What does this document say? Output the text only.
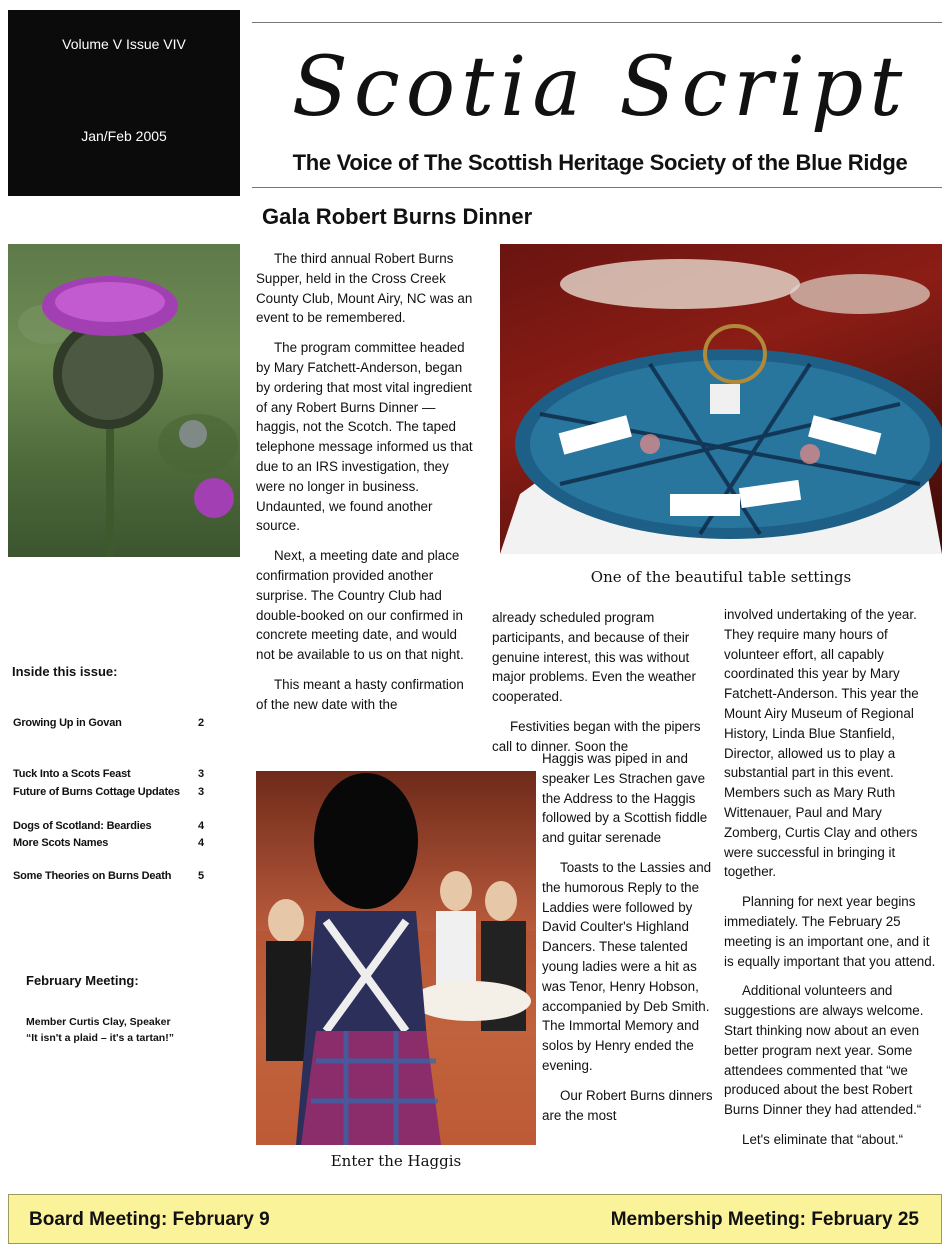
Volume V Issue VIV
Jan/Feb 2005
Scotia Script
The Voice of The Scottish Heritage Society of the Blue Ridge
Gala Robert Burns Dinner
One of the beautiful table settings

The third annual Robert Burns Supper, held in the Cross Creek County Club, Mount Airy, NC was an event to be remembered.

The program committee headed by Mary Fatchett-Anderson, began by ordering that most vital ingredient of any Robert Burns Dinner — haggis, not the Scotch. The taped telephone message informed us that due to an IRS investigation, they were no longer in business. Undaunted, we found another source.

Next, a meeting date and place confirmation provided another surprise. The Country Club had double-booked on our confirmed in concrete meeting date, and would not be available to us on that night.

This meant a hasty confirmation of the new date with the

already scheduled program participants, and because of their genuine interest, this was without major problems. Even the weather cooperated.

Festivities began with the pipers call to dinner. Soon the

Haggis was piped in and speaker Les Strachen gave the Address to the Haggis followed by a Scottish fiddle and guitar serenade

Toasts to the Lassies and the humorous Reply to the Laddies were followed by David Coulter's Highland Dancers. These talented young ladies were a hit as was Tenor, Henry Hobson, accompanied by Deb Smith. The Immortal Memory and solos by Henry ended the evening.

Our Robert Burns dinners are the most

involved undertaking of the year. They require many hours of volunteer effort, all capably coordinated this year by Mary Fatchett-Anderson. This year the Mount Airy Museum of Regional History, Linda Blue Stanfield, Director, allowed us to play a substantial part in this event. Members such as Mary Ruth Wittenauer, Paul and Mary Zomberg, Curtis Clay and others were successful in bringing it together.

Planning for next year begins immediately. The February 25 meeting is an important one, and it is equally important that you attend.

Additional volunteers and suggestions are always welcome. Start thinking now about an even better program next year. Some attendees commented that “we produced about the best Robert Burns Dinner they had attended.“

Let's eliminate that “about.“

Enter the Haggis
Inside this issue:
Growing Up in Govan	2
Tuck Into a Scots Feast	3
Future of Burns Cottage Updates 3
Dogs of Scotland: Beardies	4
More Scots Names	4
Some Theories on Burns Death 5
February Meeting:
Member Curtis Clay, Speaker
“It isn't a plaid – it's a tartan!”
Board Meeting: February 9	Membership Meeting: February 25
